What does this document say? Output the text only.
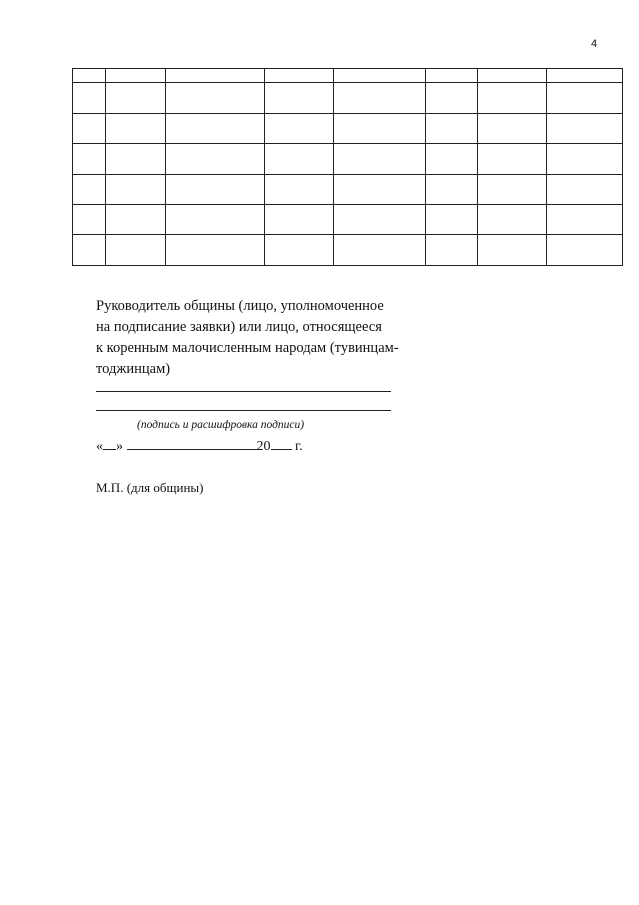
4

Руководитель общины (лицо, уполномоченное
на подписание заявки) или лицо, относящееся
к коренным малочисленным народам (тувинцам-
тоджинцам)
(подпись и расшифровка подписи)
« »	20 г.
М.П. (для общины)
